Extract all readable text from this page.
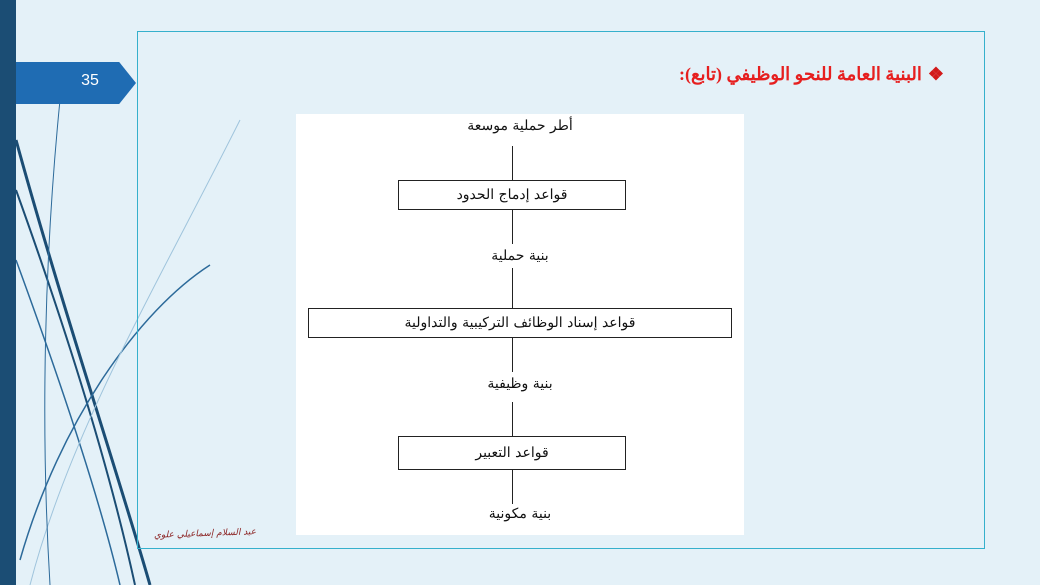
35	❖البنية العامة للنحو الوظيفي (تابع):
أطر حملية موسعة
قواعد إدماج الحدود
بنية حملية
قواعد إسناد الوظائف التركيبية والتداولية
بنية وظيفية
قواعد التعبير
بنية مكونية
عبد السلام إسماعيلي علوي
